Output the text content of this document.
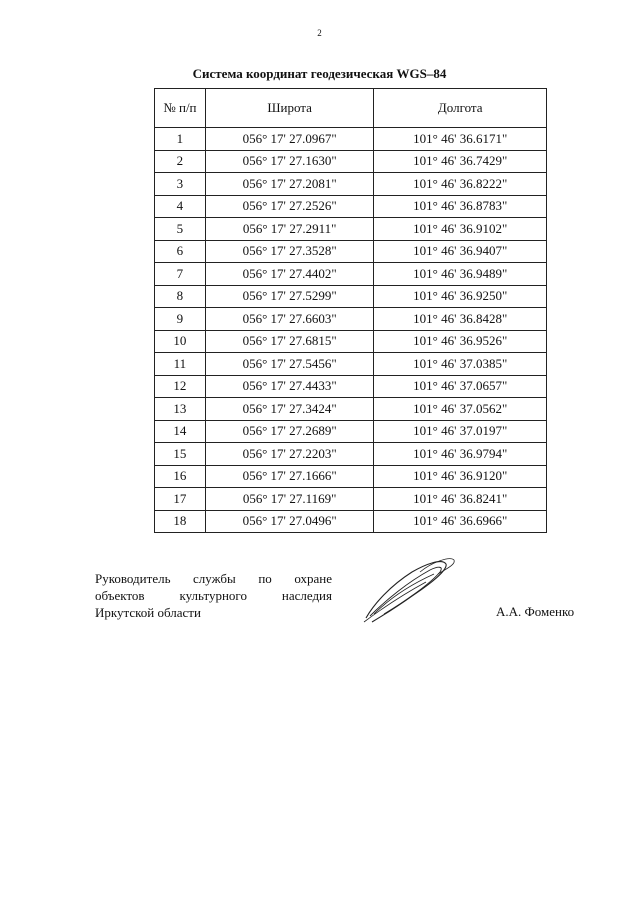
2
Система координат геодезическая WGS–84
№ п/п	Широта	Долгота
1	056° 17' 27.0967"	101° 46' 36.6171"
2	056° 17' 27.1630"	101° 46' 36.7429"
3	056° 17' 27.2081"	101° 46' 36.8222"
4	056° 17' 27.2526"	101° 46' 36.8783"
5	056° 17' 27.2911"	101° 46' 36.9102"
6	056° 17' 27.3528"	101° 46' 36.9407"
7	056° 17' 27.4402"	101° 46' 36.9489"
8	056° 17' 27.5299"	101° 46' 36.9250"
9	056° 17' 27.6603"	101° 46' 36.8428"
10	056° 17' 27.6815"	101° 46' 36.9526"
11	056° 17' 27.5456"	101° 46' 37.0385"
12	056° 17' 27.4433"	101° 46' 37.0657"
13	056° 17' 27.3424"	101° 46' 37.0562"
14	056° 17' 27.2689"	101° 46' 37.0197"
15	056° 17' 27.2203"	101° 46' 36.9794"
16	056° 17' 27.1666"	101° 46' 36.9120"
17	056° 17' 27.1169"	101° 46' 36.8241"
18	056° 17' 27.0496"	101° 46' 36.6966"
Руководитель службы по охране
объектов	культурного	наследия
Иркутской области	А.А. Фоменко
